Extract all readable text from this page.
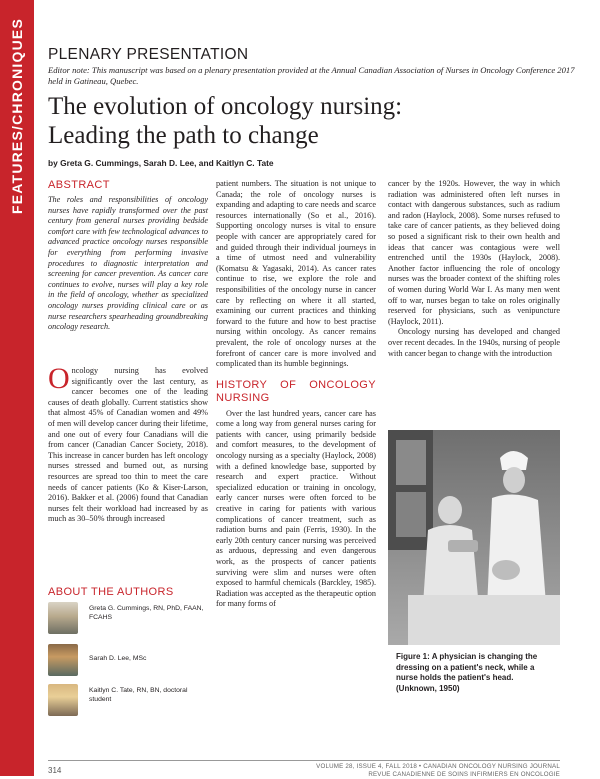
FEATURES/CHRONIQUES PLENARY PRESENTATION
Editor note: This manuscript was based on a plenary presentation provided at the Annual Canadian Association of Nurses in Oncology Conference 2017 held in Gatineau, Quebec.
The evolution of oncology nursing:
Leading the path to change
by Greta G. Cummings, Sarah D. Lee, and Kaitlyn C. Tate
ABSTRACT

The roles and responsibilities of oncology nurses have rapidly transformed over the past century from general nurses providing bedside comfort care with few technological advances to advanced practice oncology nurses responsible for everything from performing invasive procedures to diagnostic interpretation and screening for cancer prevention. As cancer care continues to evolve, nurses will play a key role in the field of oncology, whether as specialized oncology nurses providing clinical care or as nurse researchers spearheading groundbreaking oncology research.

O ncology nursing has evolved significantly over the last century, as cancer becomes one of the leading causes of death globally. Current statistics show that almost 45% of Canadian women and 49% of men will develop cancer during their lifetime, and one out of every four Canadians will die from cancer (Canadian Cancer Society, 2018). This increase in cancer burden has left oncology nurses stressed and burned out, as nursing resources are spread too thin to meet the care needs of cancer patients (Ko & Kiser-Larson, 2016). Bakker et al. (2006) found that Canadian nurses felt their workload had increased by as much as 30–50% through increased
ABOUT THE AUTHORS
Greta G. Cummings, RN, PhD, FAAN, FCAHS
Sarah D. Lee, MSc
Kaitlyn C. Tate, RN, BN, doctoral student

patient numbers. The situation is not unique to Canada; the role of oncology nurses is expanding and adapting to care needs and scarce resources internationally (So et al., 2016). Supporting oncology nurses is vital to ensure people with cancer are appropriately cared for and guided through their individual journeys in a time of utmost need and vulnerability (Komatsu & Yagasaki, 2014). As cancer rates continue to rise, we explore the role and responsibilities of the oncology nurse in cancer care by reflecting on where it all started, examining our current practices and thinking forward to the future and how to best practise nursing within oncology. As cancer remains prevalent, the role of oncology nurses at the forefront of cancer care is more involved and complicated than its humble beginnings.

HISTORY OF ONCOLOGY NURSING

Over the last hundred years, cancer care has come a long way from general nurses caring for patients with cancer, using primarily bedside and comfort measures, to the development of oncology nursing as a specialty (Haylock, 2008) with a defined knowledge base, supported by research and expert practice. Without specialized education or training in oncology, early cancer nurses were often forced to be creative in caring for patients with various complications of cancer treatment, such as radiation burns and pain (Ferris, 1930). In the early 20th century cancer nursing was perceived as arduous, depressing and even dangerous work, as the prospects of cancer patients surviving were slim and nurses were often exposed to harmful chemicals (Barckley, 1985). Radiation was accepted as the therapeutic option for many forms of

cancer by the 1920s. However, the way in which radiation was administered often left nurses in contact with dangerous substances, such as radium and radon (Haylock, 2008). Some nurses refused to take care of cancer patients, as they believed doing so posed a significant risk to their own health and ideas that cancer was contagious were well entrenched until the 1930s (Haylock, 2008). Another factor influencing the role of oncology nurses was the broader context of the shifting roles of women during World War I. As many men went off to war, nurses began to take on roles originally reserved for physicians, such as venipuncture (Haylock, 2011).

Oncology nursing has developed and changed over recent decades. In the 1940s, nursing of people with cancer began to change with the introduction

Figure 1: A physician is changing the dressing on a patient's neck, while a nurse holds the patient's head. (Unknown, 1950)
314	VOLUME 28, ISSUE 4, FALL 2018 • CANADIAN ONCOLOGY NURSING JOURNAL
REVUE CANADIENNE DE SOINS INFIRMIERS EN ONCOLOGIE
